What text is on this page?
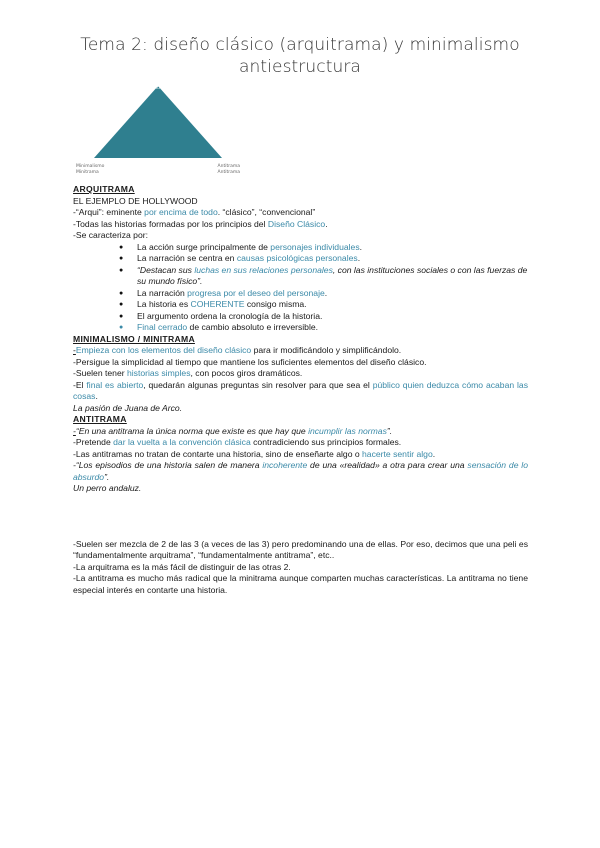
Tema 2: diseño clásico (arquitrama) y minimalismo antiestructura
Arquitrama
Minimalismo
Minitrama
Antitrama
Antitrama

ARQUITRAMA

EL EJEMPLO DE HOLLYWOOD

-“Arqui”: eminente por encima de todo. “clásico”, “convencional”

-Todas las historias formadas por los principios del Diseño Clásico.

-Se caracteriza por:

● La acción surge principalmente de personajes individuales.
● La narración se centra en causas psicológicas personales.
● “Destacan sus luchas en sus relaciones personales, con las instituciones sociales o con las fuerzas de su mundo físico”.
● La narración progresa por el deseo del personaje.
● La historia es COHERENTE consigo misma.
● El argumento ordena la cronología de la historia.
● Final cerrado de cambio absoluto e irreversible.

MINIMALISMO / MINITRAMA

-Empieza con los elementos del diseño clásico para ir modificándolo y simplificándolo.

-Persigue la simplicidad al tiempo que mantiene los suficientes elementos del diseño clásico.

-Suelen tener historias simples, con pocos giros dramáticos.

-El final es abierto, quedarán algunas preguntas sin resolver para que sea el público quien deduzca cómo acaban las cosas.

La pasión de Juana de Arco.

ANTITRAMA

-“En una antitrama la única norma que existe es que hay que incumplir las normas”.

-Pretende dar la vuelta a la convención clásica contradiciendo sus principios formales.

-Las antitramas no tratan de contarte una historia, sino de enseñarte algo o hacerte sentir algo.

-“Los episodios de una historia salen de manera incoherente de una «realidad» a otra para crear una sensación de lo absurdo”.

Un perro andaluz.

-Suelen ser mezcla de 2 de las 3 (a veces de las 3) pero predominando una de ellas. Por eso, decimos que una peli es “fundamentalmente arquitrama”, “fundamentalmente antitrama”, etc..

-La arquitrama es la más fácil de distinguir de las otras 2.

-La antitrama es mucho más radical que la minitrama aunque comparten muchas características. La antitrama no tiene especial interés en contarte una historia.
